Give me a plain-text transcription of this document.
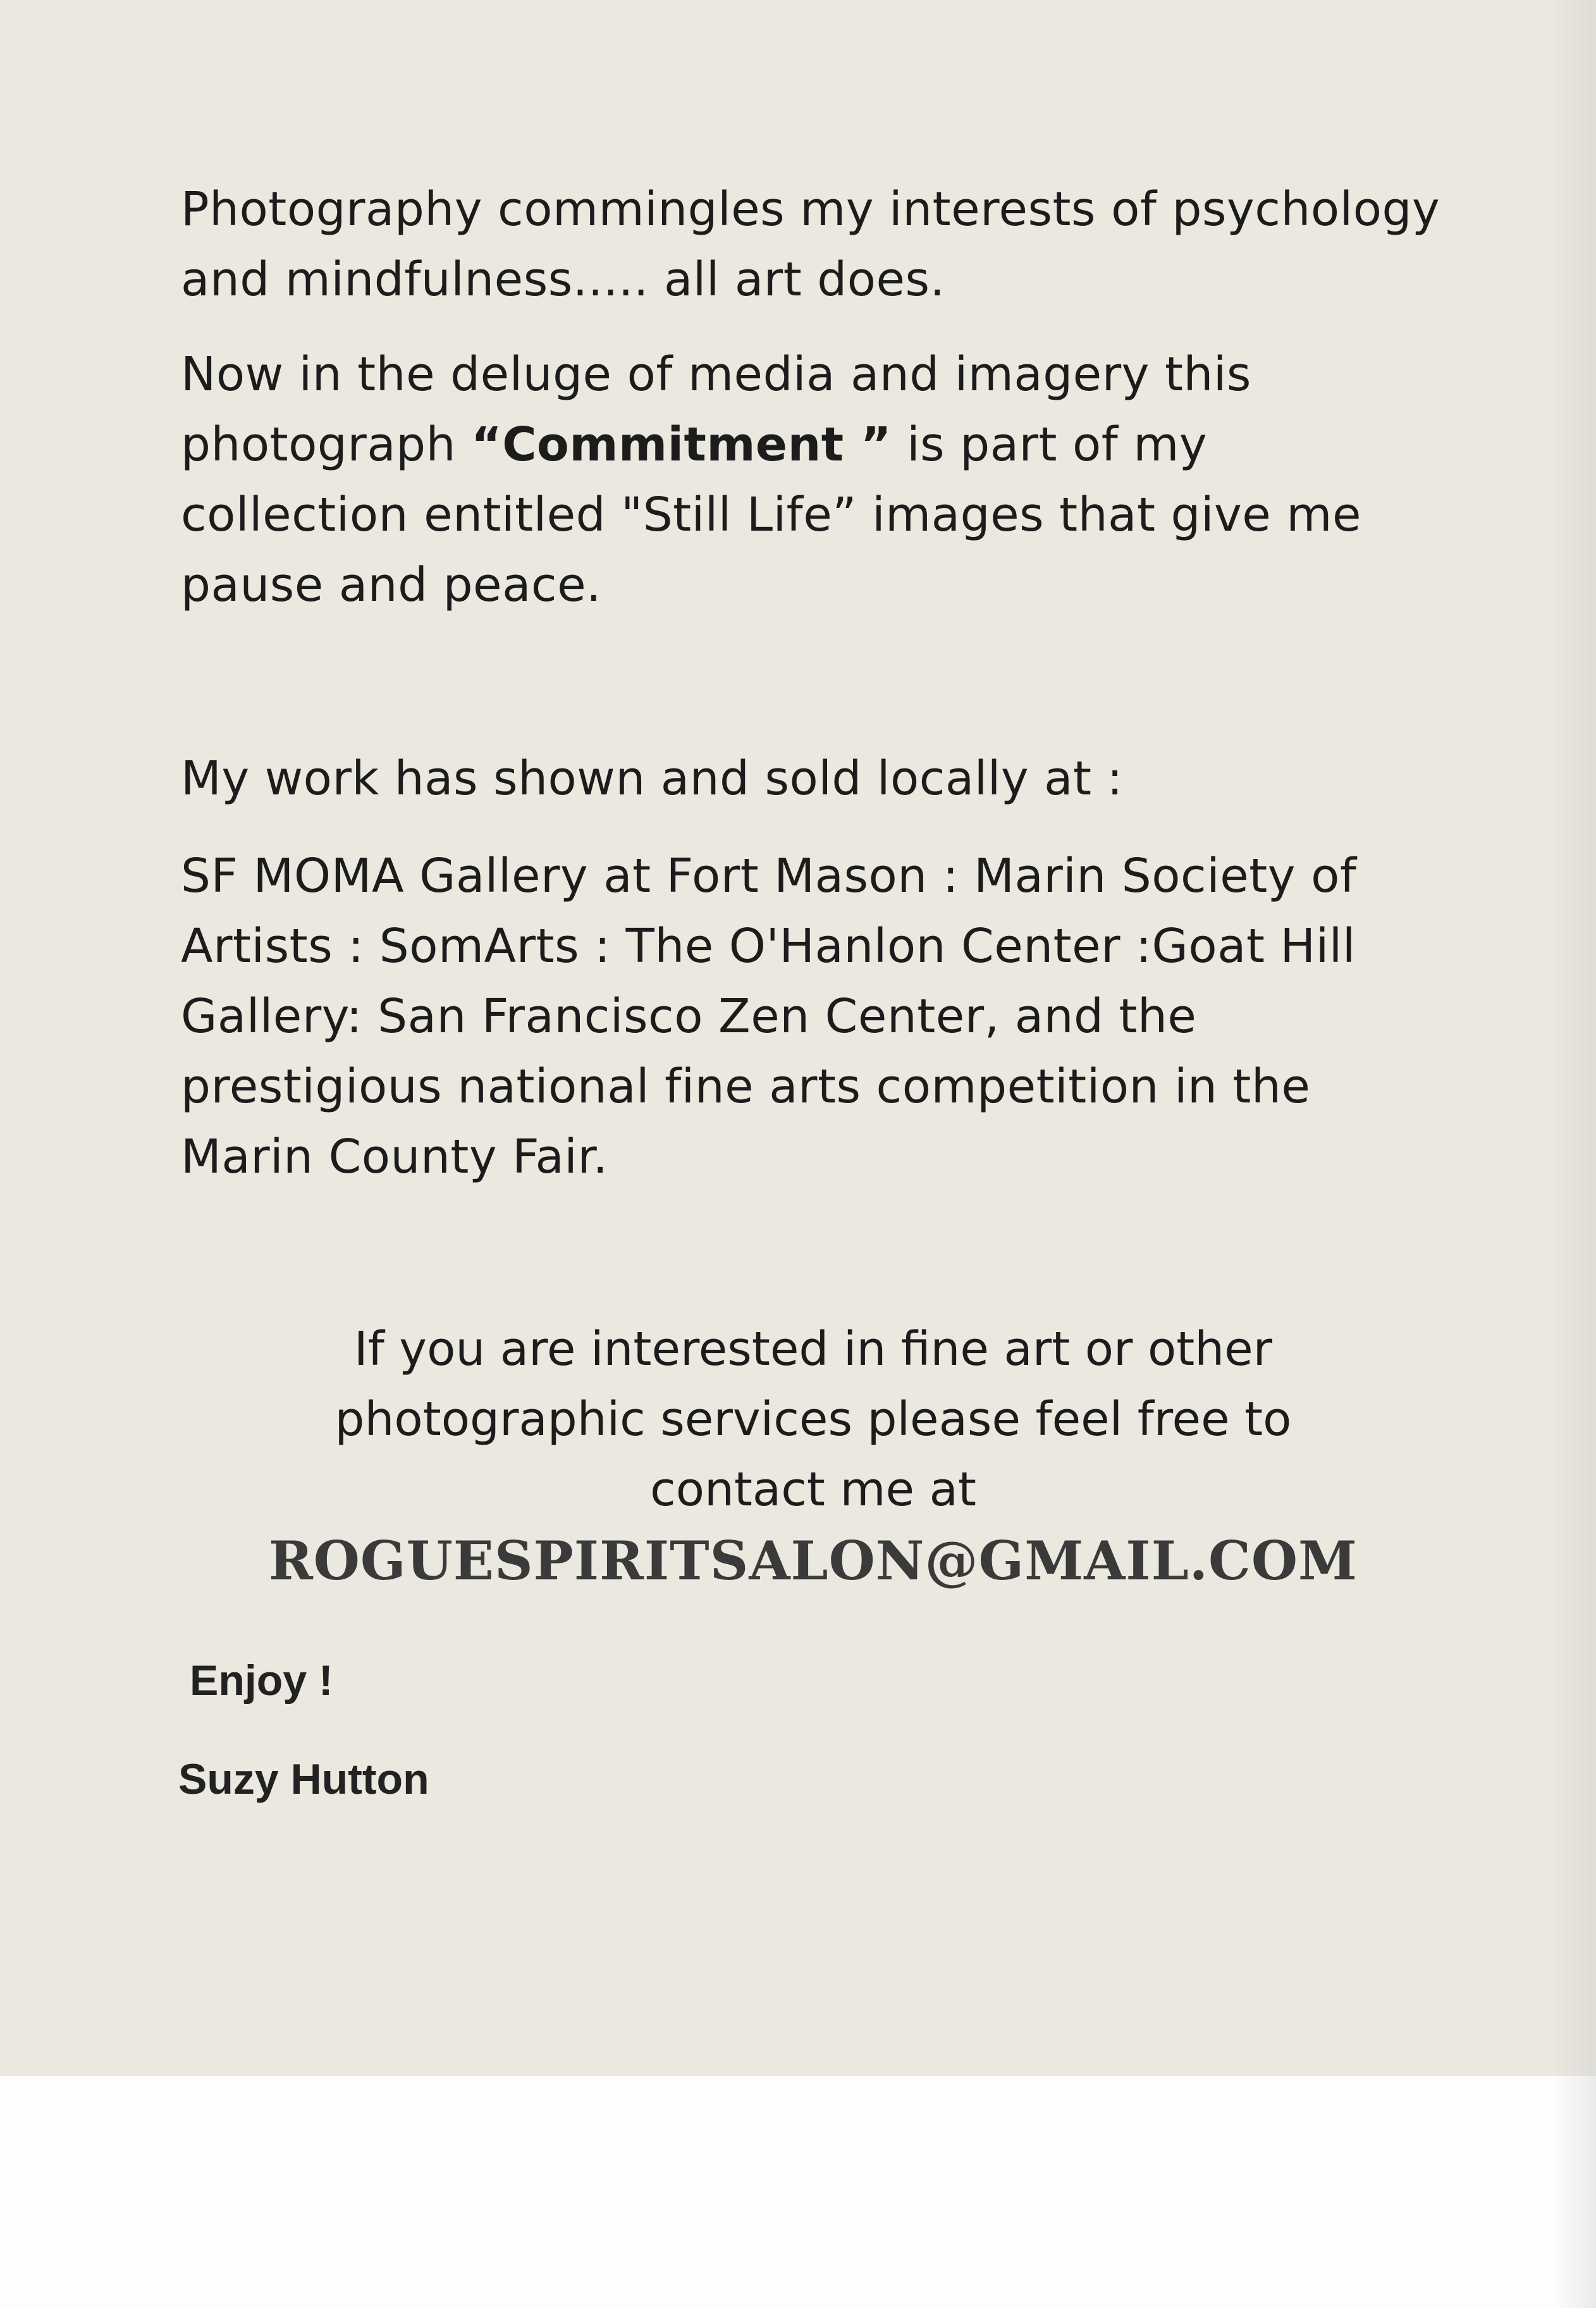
Photography commingles my interests of psychology and mindfulness..... all art does.

Now in the deluge of media and imagery this photograph “Commitment ” is part of my collection entitled "Still Life” images that give me pause and peace.

My work has shown and sold locally at :

SF MOMA Gallery at Fort Mason : Marin Society of Artists : SomArts : The O'Hanlon Center :Goat Hill Gallery: San Francisco Zen Center, and the prestigious national fine arts competition in the Marin County Fair.

If you are interested in fine art or other photographic services please feel free to contact me at

ROGUESPIRITSALON@GMAIL.COM
Enjoy !
Suzy Hutton
